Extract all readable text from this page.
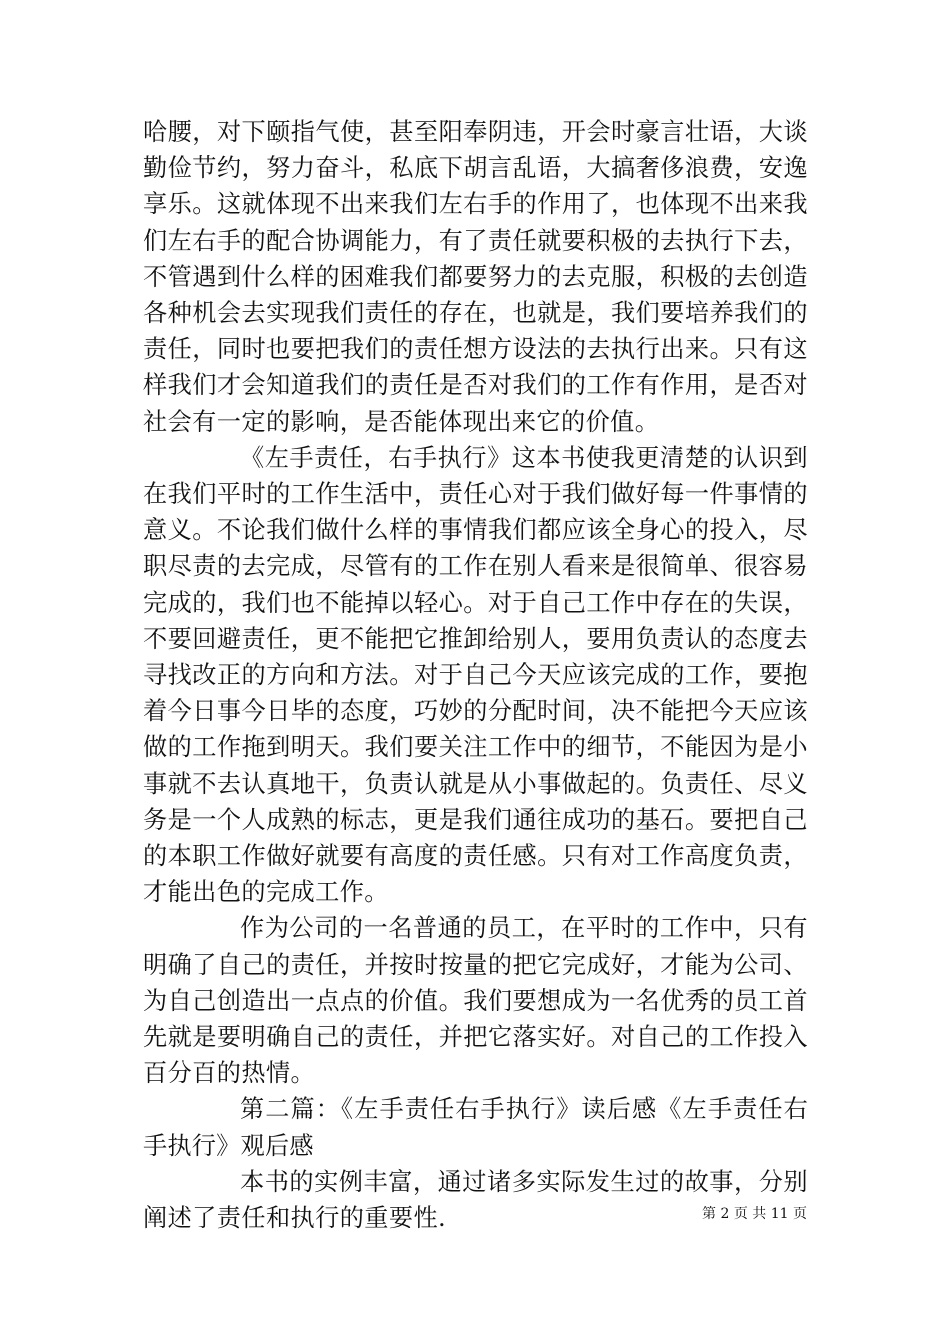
哈腰，对下颐指气使，甚至阳奉阴违，开会时豪言壮语，大谈勤俭节约，努力奋斗，私底下胡言乱语，大搞奢侈浪费，安逸享乐。这就体现不出来我们左右手的作用了，也体现不出来我们左右手的配合协调能力，有了责任就要积极的去执行下去，不管遇到什么样的困难我们都要努力的去克服，积极的去创造各种机会去实现我们责任的存在，也就是，我们要培养我们的责任，同时也要把我们的责任想方设法的去执行出来。只有这样我们才会知道我们的责任是否对我们的工作有作用，是否对社会有一定的影响，是否能体现出来它的价值。

《左手责任，右手执行》这本书使我更清楚的认识到在我们平时的工作生活中，责任心对于我们做好每一件事情的意义。不论我们做什么样的事情我们都应该全身心的投入，尽职尽责的去完成，尽管有的工作在别人看来是很简单、很容易完成的，我们也不能掉以轻心。对于自己工作中存在的失误，不要回避责任，更不能把它推卸给别人，要用负责认的态度去寻找改正的方向和方法。对于自己今天应该完成的工作，要抱着今日事今日毕的态度，巧妙的分配时间，决不能把今天应该做的工作拖到明天。我们要关注工作中的细节，不能因为是小事就不去认真地干，负责认就是从小事做起的。负责任、尽义务是一个人成熟的标志，更是我们通往成功的基石。要把自己的本职工作做好就要有高度的责任感。只有对工作高度负责，才能出色的完成工作。

作为公司的一名普通的员工，在平时的工作中，只有明确了自己的责任，并按时按量的把它完成好，才能为公司、为自己创造出一点点的价值。我们要想成为一名优秀的员工首先就是要明确自己的责任，并把它落实好。对自己的工作投入百分百的热情。

第二篇：《左手责任右手执行》读后感《左手责任右手执行》观后感

本书的实例丰富，通过诸多实际发生过的故事，分别阐述了责任和执行的重要性.	第 2 页 共 11 页
